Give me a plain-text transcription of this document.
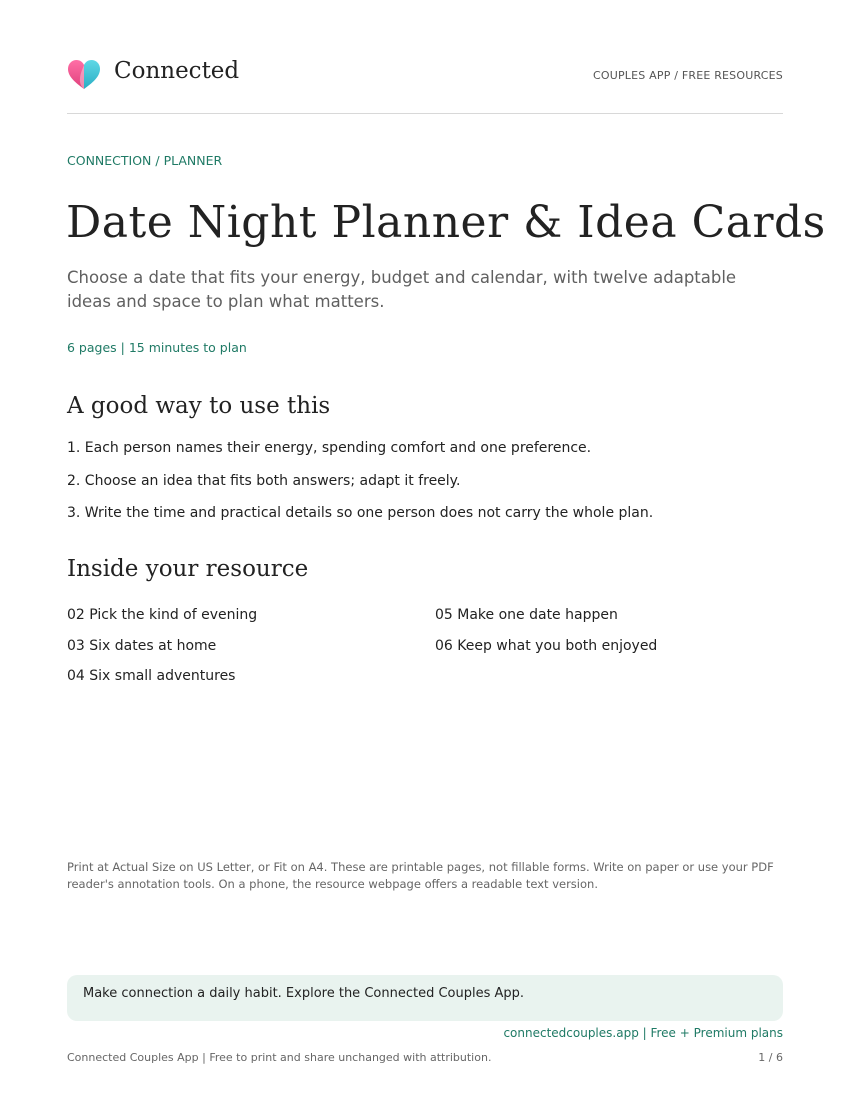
Connected	COUPLES APP / FREE RESOURCES
CONNECTION / PLANNER
Date Night Planner & Idea Cards

Choose a date that fits your energy, budget and calendar, with twelve adaptable ideas and space to plan what matters.

6 pages | 15 minutes to plan
A good way to use this
1. Each person names their energy, spending comfort and one preference.
2. Choose an idea that fits both answers; adapt it freely.
3. Write the time and practical details so one person does not carry the whole plan.
Inside your resource
02 Pick the kind of evening
03 Six dates at home
04 Six small adventures
05 Make one date happen
06 Keep what you both enjoyed

Print at Actual Size on US Letter, or Fit on A4. These are printable pages, not fillable forms. Write on paper or use your PDF reader's annotation tools. On a phone, the resource webpage offers a readable text version.

Make connection a daily habit. Explore the Connected Couples App.
connectedcouples.app | Free + Premium plans
Connected Couples App | Free to print and share unchanged with attribution.	1 / 6
